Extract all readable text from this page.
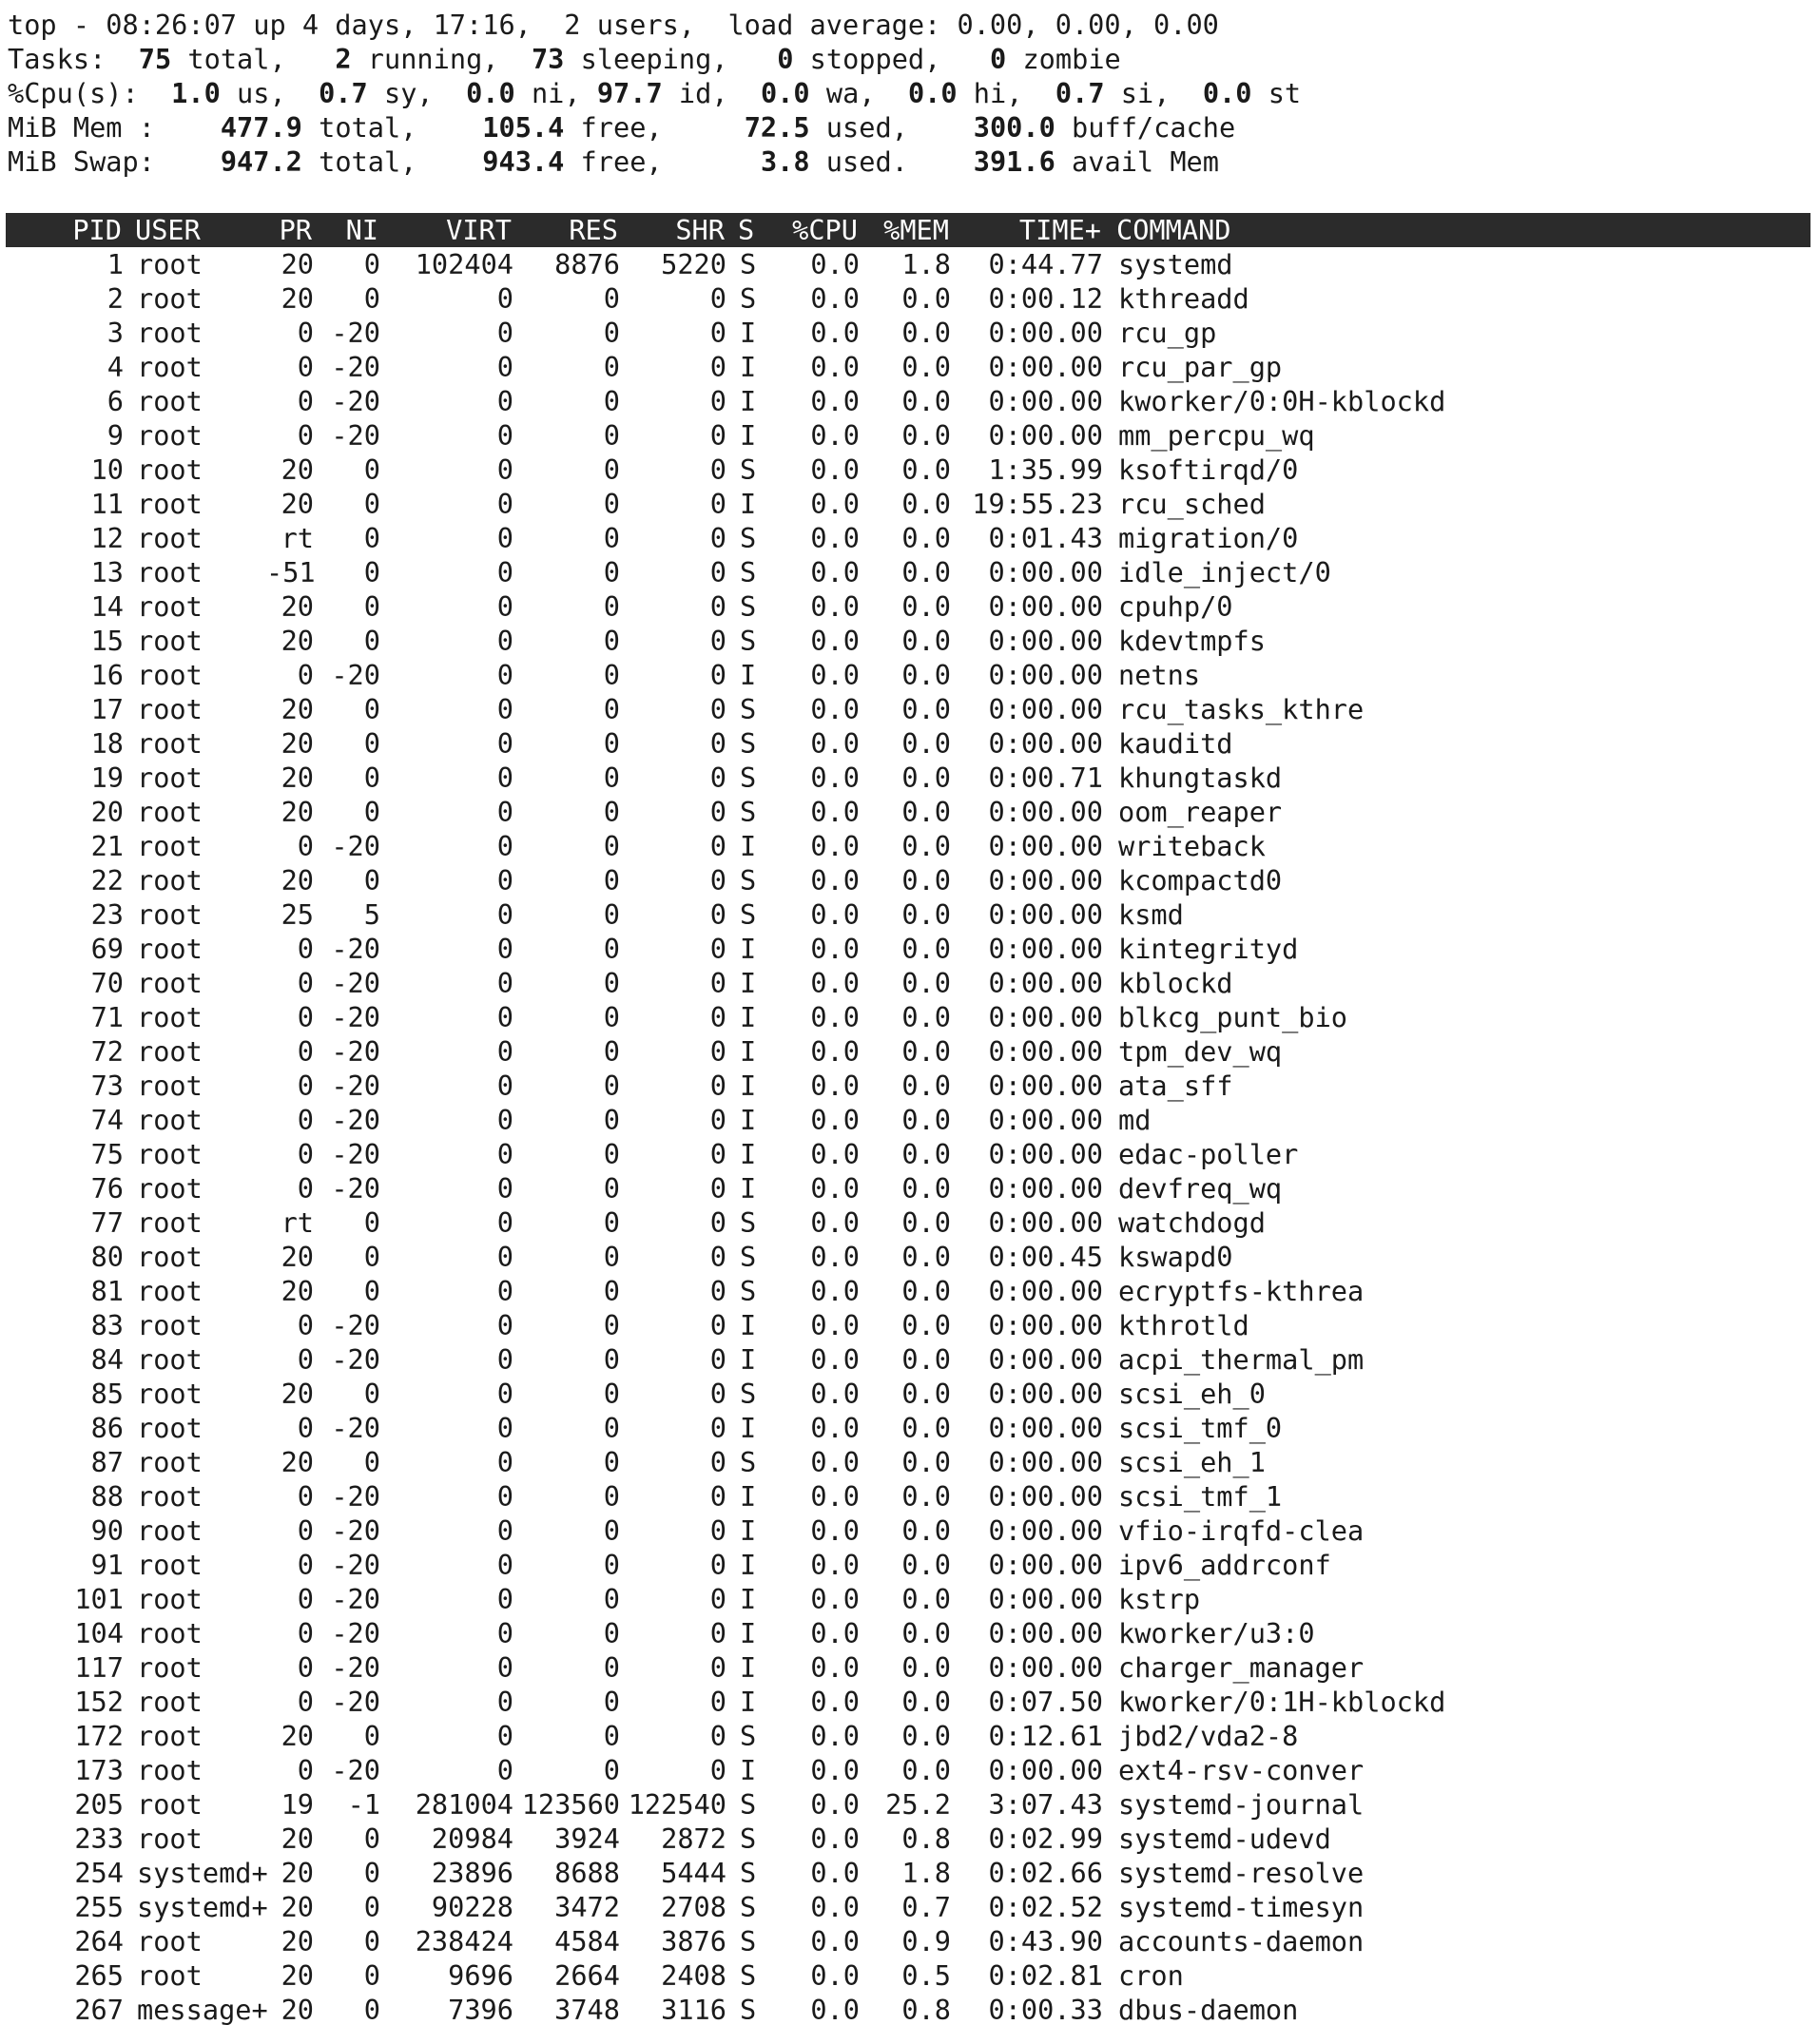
top - 08:26:07 up 4 days, 17:16,  2 users,  load average: 0.00, 0.00, 0.00
Tasks: 75 total, 2 running, 73 sleeping, 0 stopped, 0 zombie
%Cpu(s): 1.0 us,  0.7 sy,  0.0 ni, 97.7 id,  0.0 wa,  0.0 hi,  0.7 si,  0.0 st
MiB Mem : 477.9 total,    105.4 free,     72.5 used,    300.0 buff/cache
MiB Swap: 947.2 total,    943.4 free,      3.8 used.    391.6 avail Mem
PID USER	PR	NI	VIRT	RES	SHR S	%CPU %MEM	TIME+ COMMAND
1 root	20	0	102404	8876	5220 S	0.0	1.8	0:44.77 systemd
2 root	20	0	0	0	0 S	0.0	0.0	0:00.12 kthreadd
3 root	0 -20	0	0	0 I	0.0	0.0	0:00.00 rcu_gp
4 root	0 -20	0	0	0 I	0.0	0.0	0:00.00 rcu_par_gp
6 root	0 -20	0	0	0 I	0.0	0.0	0:00.00 kworker/0:0H-kblockd
9 root	0 -20	0	0	0 I	0.0	0.0	0:00.00 mm_percpu_wq
10 root	20	0	0	0	0 S	0.0	0.0	1:35.99 ksoftirqd/0
11 root	20	0	0	0	0 I	0.0	0.0 19:55.23 rcu_sched
12 root	rt	0	0	0	0 S	0.0	0.0	0:01.43 migration/0
13 root	-51	0	0	0	0 S	0.0	0.0	0:00.00 idle_inject/0
14 root	20	0	0	0	0 S	0.0	0.0	0:00.00 cpuhp/0
15 root	20	0	0	0	0 S	0.0	0.0	0:00.00 kdevtmpfs
16 root	0 -20	0	0	0 I	0.0	0.0	0:00.00 netns
17 root	20	0	0	0	0 S	0.0	0.0	0:00.00 rcu_tasks_kthre
18 root	20	0	0	0	0 S	0.0	0.0	0:00.00 kauditd
19 root	20	0	0	0	0 S	0.0	0.0	0:00.71 khungtaskd
20 root	20	0	0	0	0 S	0.0	0.0	0:00.00 oom_reaper
21 root	0 -20	0	0	0 I	0.0	0.0	0:00.00 writeback
22 root	20	0	0	0	0 S	0.0	0.0	0:00.00 kcompactd0
23 root	25	5	0	0	0 S	0.0	0.0	0:00.00 ksmd
69 root	0 -20	0	0	0 I	0.0	0.0	0:00.00 kintegrityd
70 root	0 -20	0	0	0 I	0.0	0.0	0:00.00 kblockd
71 root	0 -20	0	0	0 I	0.0	0.0	0:00.00 blkcg_punt_bio
72 root	0 -20	0	0	0 I	0.0	0.0	0:00.00 tpm_dev_wq
73 root	0 -20	0	0	0 I	0.0	0.0	0:00.00 ata_sff
74 root	0 -20	0	0	0 I	0.0	0.0	0:00.00 md
75 root	0 -20	0	0	0 I	0.0	0.0	0:00.00 edac-poller
76 root	0 -20	0	0	0 I	0.0	0.0	0:00.00 devfreq_wq
77 root	rt	0	0	0	0 S	0.0	0.0	0:00.00 watchdogd
80 root	20	0	0	0	0 S	0.0	0.0	0:00.45 kswapd0
81 root	20	0	0	0	0 S	0.0	0.0	0:00.00 ecryptfs-kthrea
83 root	0 -20	0	0	0 I	0.0	0.0	0:00.00 kthrotld
84 root	0 -20	0	0	0 I	0.0	0.0	0:00.00 acpi_thermal_pm
85 root	20	0	0	0	0 S	0.0	0.0	0:00.00 scsi_eh_0
86 root	0 -20	0	0	0 I	0.0	0.0	0:00.00 scsi_tmf_0
87 root	20	0	0	0	0 S	0.0	0.0	0:00.00 scsi_eh_1
88 root	0 -20	0	0	0 I	0.0	0.0	0:00.00 scsi_tmf_1
90 root	0 -20	0	0	0 I	0.0	0.0	0:00.00 vfio-irqfd-clea
91 root	0 -20	0	0	0 I	0.0	0.0	0:00.00 ipv6_addrconf
101 root	0 -20	0	0	0 I	0.0	0.0	0:00.00 kstrp
104 root	0 -20	0	0	0 I	0.0	0.0	0:00.00 kworker/u3:0
117 root	0 -20	0	0	0 I	0.0	0.0	0:00.00 charger_manager
152 root	0 -20	0	0	0 I	0.0	0.0	0:07.50 kworker/0:1H-kblockd
172 root	20	0	0	0	0 S	0.0	0.0	0:12.61 jbd2/vda2-8
173 root	0 -20	0	0	0 I	0.0	0.0	0:00.00 ext4-rsv-conver
205 root	19	-1	281004 123560 122540 S	0.0 25.2	3:07.43 systemd-journal
233 root	20	0	20984	3924	2872 S	0.0	0.8	0:02.99 systemd-udevd
254 systemd+ 20	0	23896	8688	5444 S	0.0	1.8	0:02.66 systemd-resolve
255 systemd+ 20	0	90228	3472	2708 S	0.0	0.7	0:02.52 systemd-timesyn
264 root	20	0	238424	4584	3876 S	0.0	0.9	0:43.90 accounts-daemon
265 root	20	0	9696	2664	2408 S	0.0	0.5	0:02.81 cron
267 message+ 20	0	7396	3748	3116 S	0.0	0.8	0:00.33 dbus-daemon
